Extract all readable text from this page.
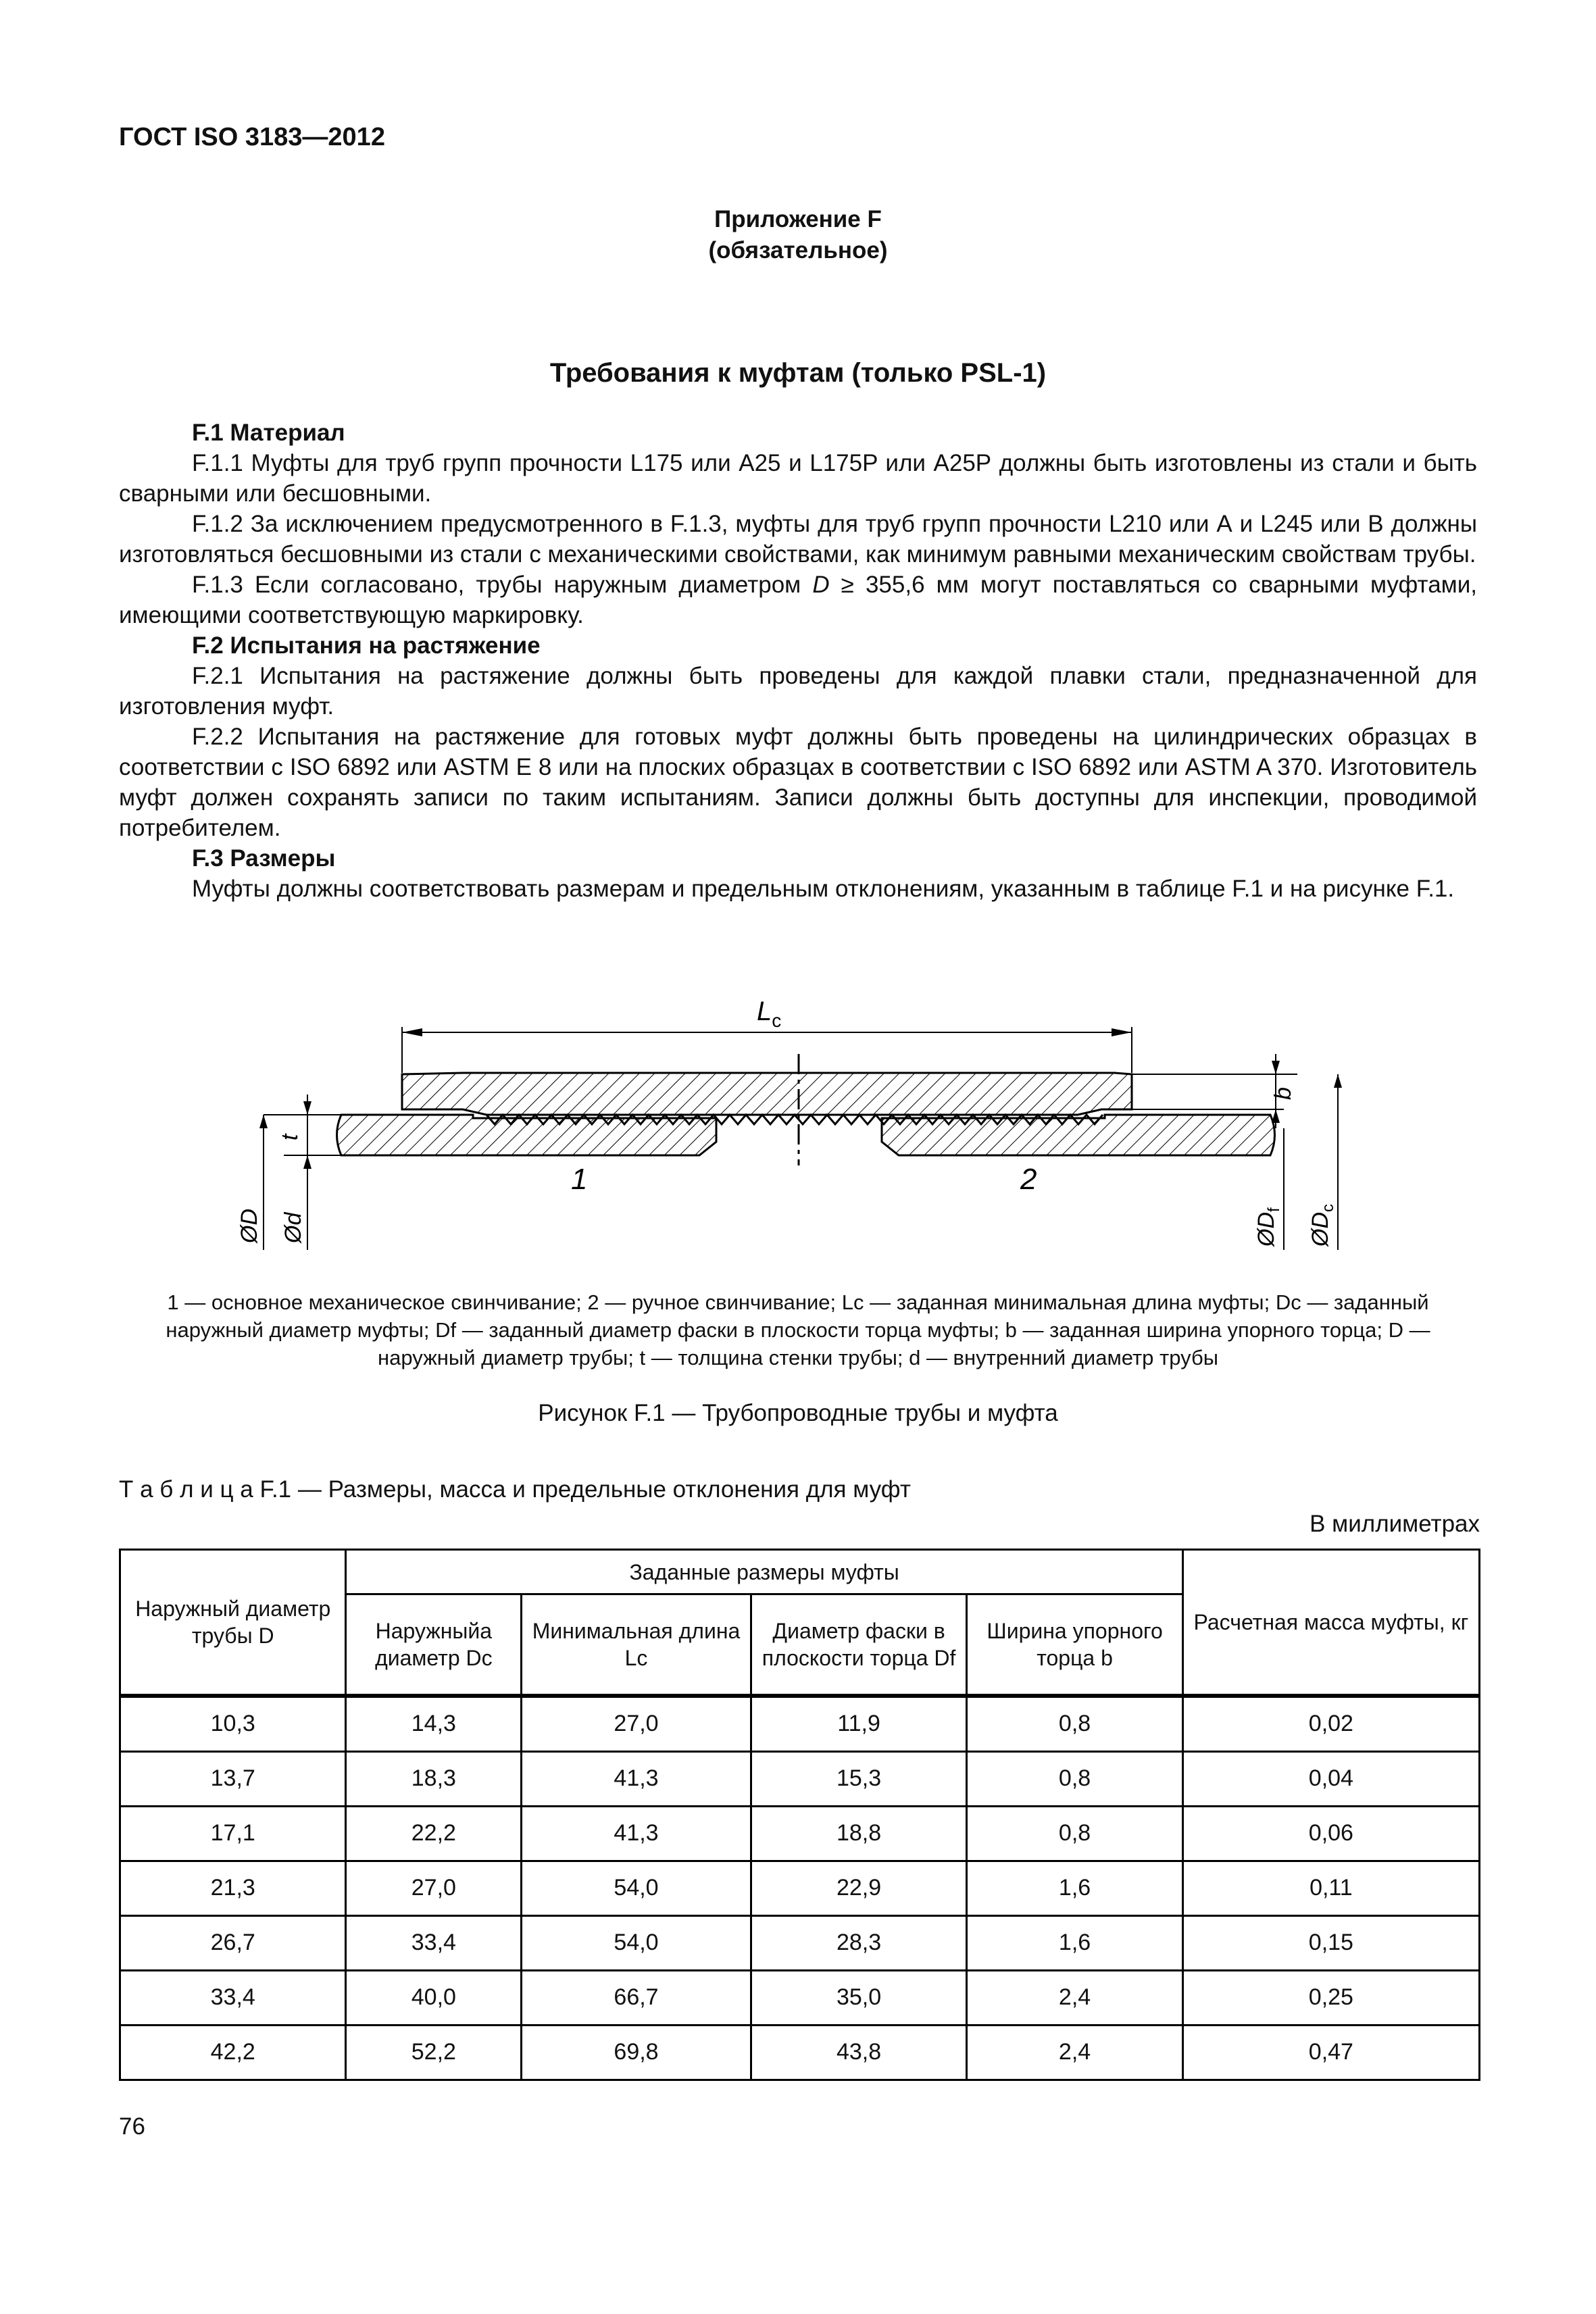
ГОСТ ISO 3183—2012
Приложение F
(обязательное)
Требования к муфтам (только PSL-1)

F.1 Материал

F.1.1 Муфты для труб групп прочности L175 или А25 и L175P или А25Р должны быть изготовлены из стали и быть сварными или бесшовными.

F.1.2 За исключением предусмотренного в F.1.3, муфты для труб групп прочности L210 или А и L245 или В должны изготовляться бесшовными из стали с механическими свойствами, как минимум равными механическим свойствам трубы.

F.1.3 Если согласовано, трубы наружным диаметром D ≥ 355,6 мм могут поставляться со сварными муфтами, имеющими соответствующую маркировку.

F.2 Испытания на растяжение

F.2.1 Испытания на растяжение должны быть проведены для каждой плавки стали, предназначенной для изготовления муфт.

F.2.2 Испытания на растяжение для готовых муфт должны быть проведены на цилиндрических образцах в соответствии с ISO 6892 или ASTM E 8 или на плоских образцах в соответствии с ISO 6892 или ASTM A 370. Изготовитель муфт должен сохранять записи по таким испытаниям. Записи должны быть доступны для инспекции, проводимой потребителем.

F.3 Размеры

Муфты должны соответствовать размерам и предельным отклонениям, указанным в таблице F.1 и на рисунке F.1.

$L_c$
b
t
ØD Ød	$ØD_f$
$ØD_c$
1	2
1 — основное механическое свинчивание; 2 — ручное свинчивание; Lc — заданная минимальная длина муфты; Dc — заданный наружный диаметр муфты; Df — заданный диаметр фаски в плоскости торца муфты; b — заданная ширина упорного торца; D — наружный диаметр трубы; t — толщина стенки трубы; d — внутренний диаметр трубы
Рисунок F.1 — Трубопроводные трубы и муфта
Т а б л и ц а F.1 — Размеры, масса и предельные отклонения для муфт
В миллиметрах
Наружный диаметр трубы D	Заданные размеры муфты				Расчетная масса муфты, кг
	Наружныйa диаметр Dc	Минимальная длина Lc	Диаметр фаски в плоскости торца Df	Ширина упорного торца b	
10,3	14,3	27,0	11,9	0,8	0,02
13,7	18,3	41,3	15,3	0,8	0,04
17,1	22,2	41,3	18,8	0,8	0,06
21,3	27,0	54,0	22,9	1,6	0,11
26,7	33,4	54,0	28,3	1,6	0,15
33,4	40,0	66,7	35,0	2,4	0,25
42,2	52,2	69,8	43,8	2,4	0,47
76
